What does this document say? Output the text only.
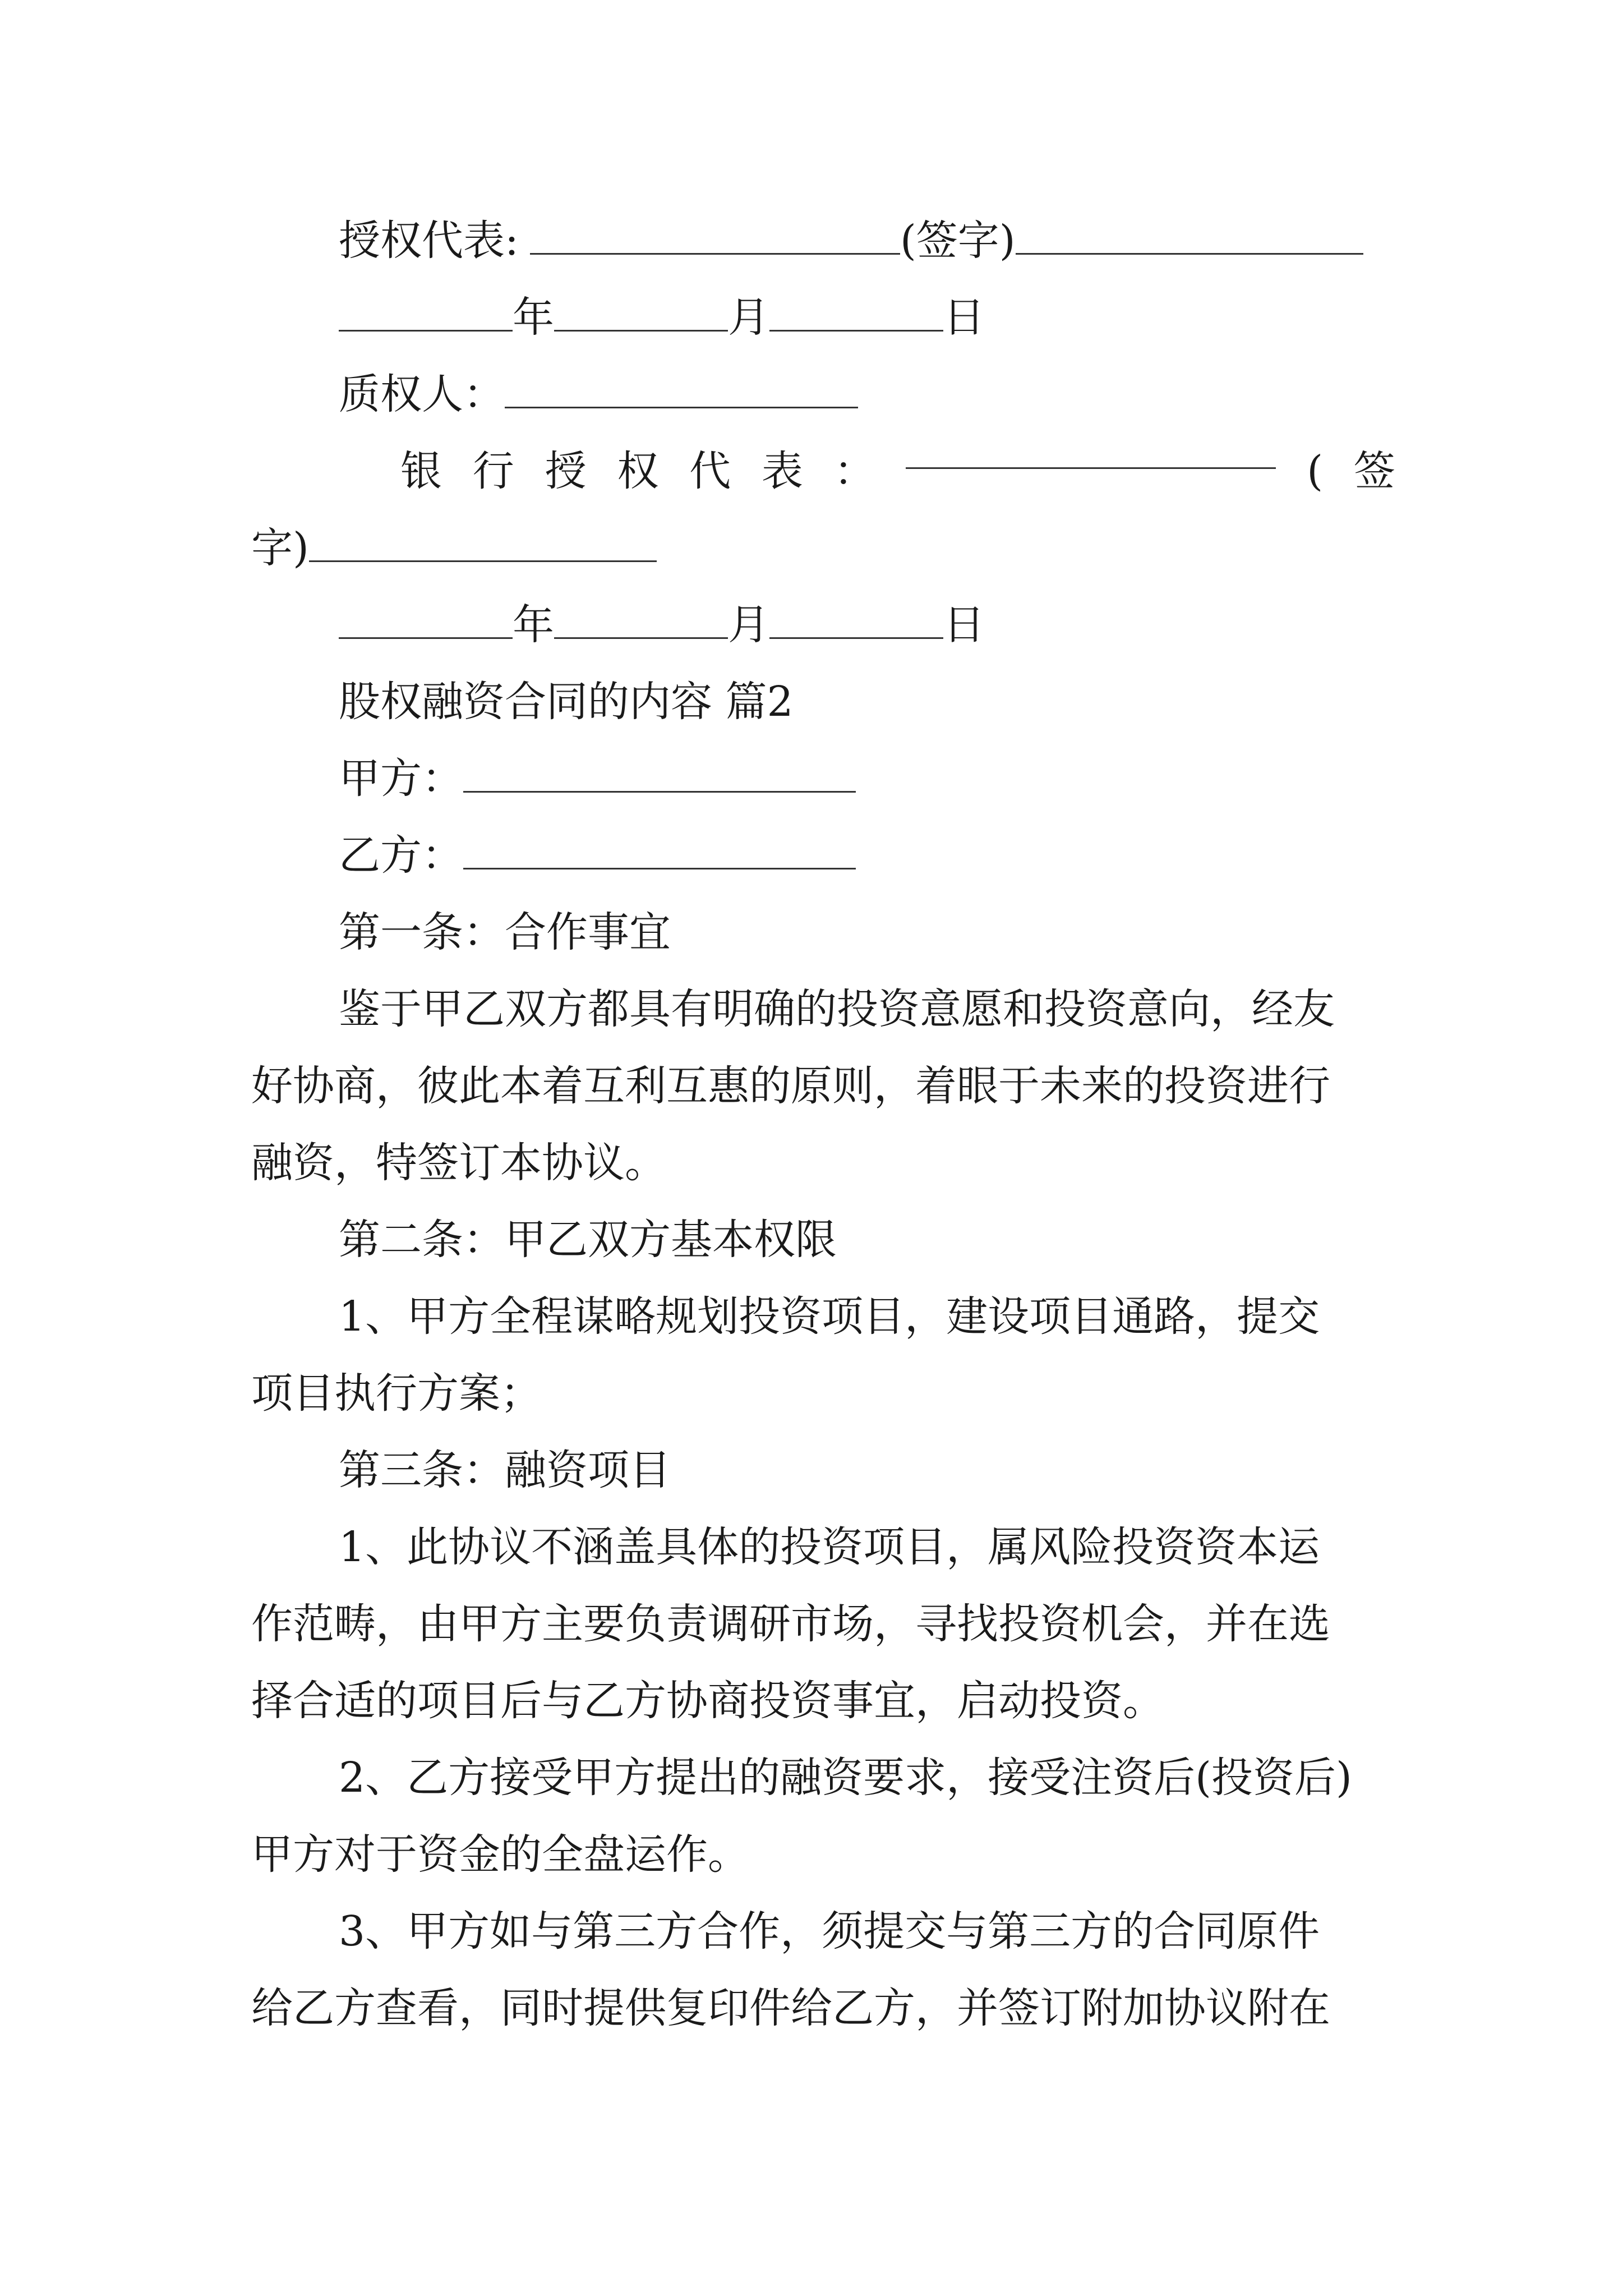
授权代表:	(签字)
年	月	日
质权人：
银 行 授 权 代 表 ：	( 签
字)
年	月	日
股权融资合同的内容 篇2
甲方：
乙方：
第一条：合作事宜
鉴于甲乙双方都具有明确的投资意愿和投资意向，经友
好协商，彼此本着互利互惠的原则，着眼于未来的投资进行
融资，特签订本协议。
第二条：甲乙双方基本权限
1、甲方全程谋略规划投资项目，建设项目通路，提交
项目执行方案；
第三条：融资项目
1、此协议不涵盖具体的投资项目，属风险投资资本运
作范畴，由甲方主要负责调研市场，寻找投资机会，并在选
择合适的项目后与乙方协商投资事宜，启动投资。
2、乙方接受甲方提出的融资要求，接受注资后(投资后)
甲方对于资金的全盘运作。
3、甲方如与第三方合作，须提交与第三方的合同原件
给乙方查看，同时提供复印件给乙方，并签订附加协议附在
